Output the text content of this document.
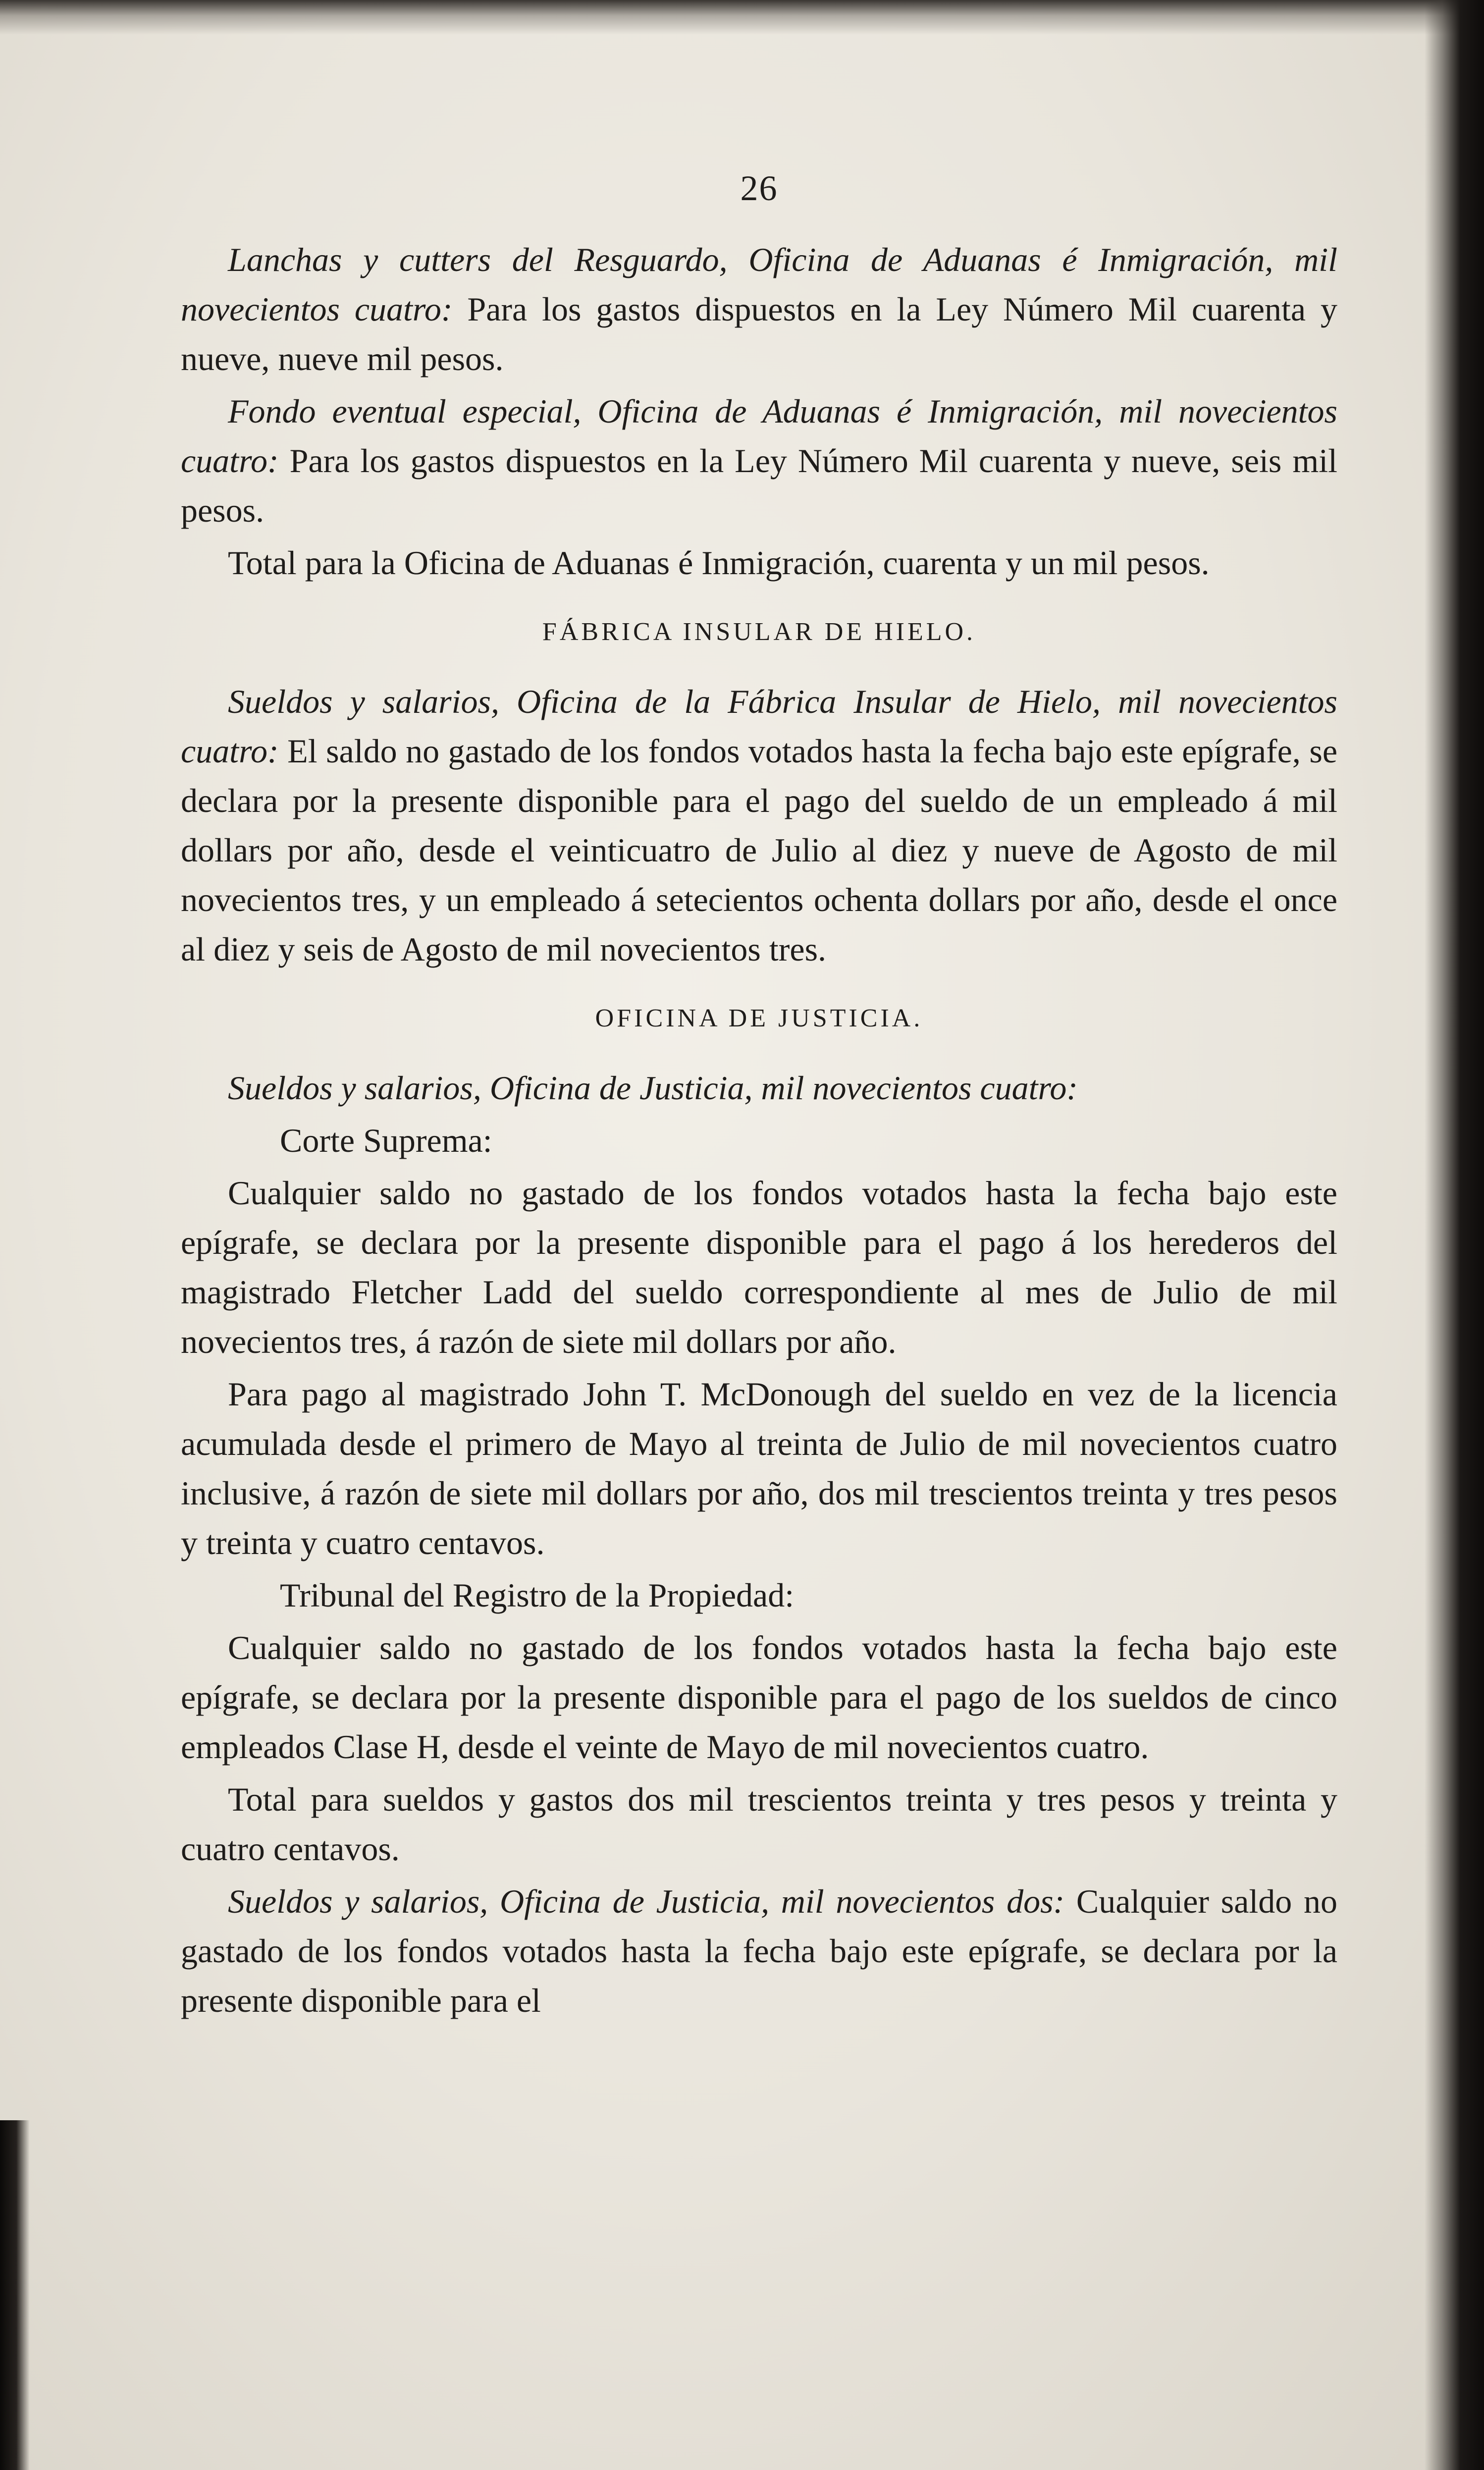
26

Lanchas y cutters del Resguardo, Oficina de Aduanas é Inmigración, mil novecientos cuatro: Para los gastos dispuestos en la Ley Número Mil cuarenta y nueve, nueve mil pesos.

Fondo eventual especial, Oficina de Aduanas é Inmigración, mil novecientos cuatro: Para los gastos dispuestos en la Ley Número Mil cuarenta y nueve, seis mil pesos.

Total para la Oficina de Aduanas é Inmigración, cuarenta y un mil pesos.

FÁBRICA INSULAR DE HIELO.

Sueldos y salarios, Oficina de la Fábrica Insular de Hielo, mil novecientos cuatro: El saldo no gastado de los fondos votados hasta la fecha bajo este epígrafe, se declara por la presente disponible para el pago del sueldo de un empleado á mil dollars por año, desde el veinticuatro de Julio al diez y nueve de Agosto de mil novecientos tres, y un empleado á setecientos ochenta dollars por año, desde el once al diez y seis de Agosto de mil novecientos tres.

OFICINA DE JUSTICIA.

Sueldos y salarios, Oficina de Justicia, mil novecientos cuatro:

Corte Suprema:

Cualquier saldo no gastado de los fondos votados hasta la fecha bajo este epígrafe, se declara por la presente disponible para el pago á los herederos del magistrado Fletcher Ladd del sueldo correspondiente al mes de Julio de mil novecientos tres, á razón de siete mil dollars por año.

Para pago al magistrado John T. McDonough del sueldo en vez de la licencia acumulada desde el primero de Mayo al treinta de Julio de mil novecientos cuatro inclusive, á razón de siete mil dollars por año, dos mil trescientos treinta y tres pesos y treinta y cuatro centavos.

Tribunal del Registro de la Propiedad:

Cualquier saldo no gastado de los fondos votados hasta la fecha bajo este epígrafe, se declara por la presente disponible para el pago de los sueldos de cinco empleados Clase H, desde el veinte de Mayo de mil novecientos cuatro.

Total para sueldos y gastos dos mil trescientos treinta y tres pesos y treinta y cuatro centavos.

Sueldos y salarios, Oficina de Justicia, mil novecientos dos: Cualquier saldo no gastado de los fondos votados hasta la fecha bajo este epígrafe, se declara por la presente disponible para el
